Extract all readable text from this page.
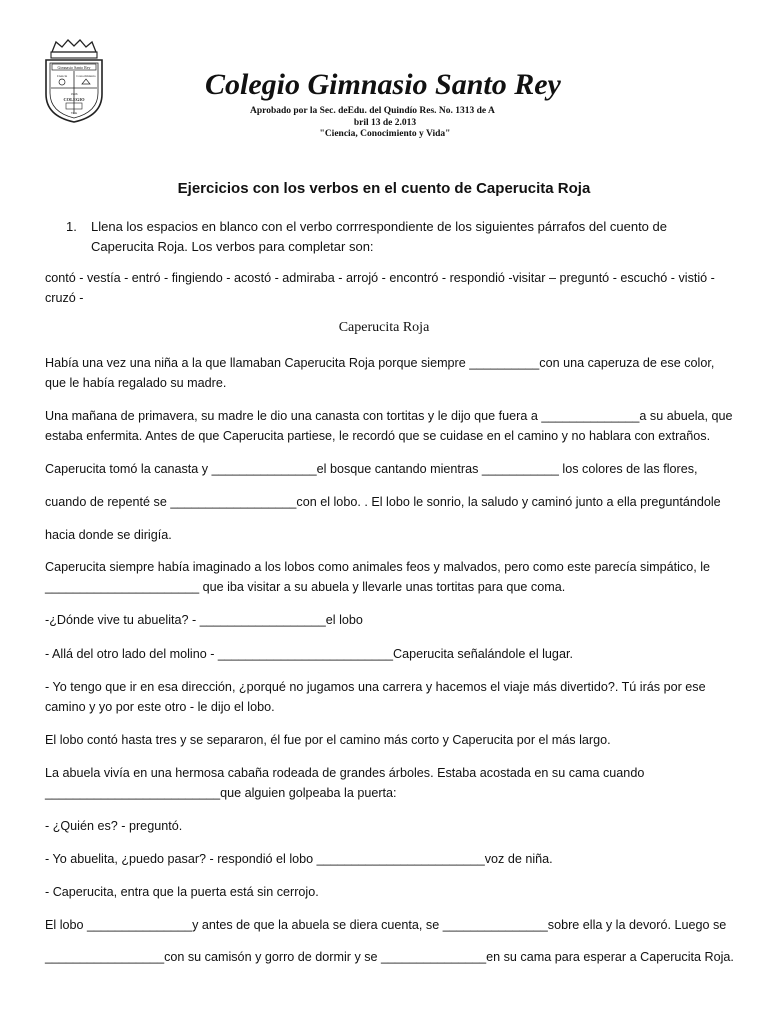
Gimnasio Santo Rey
Ciencia	Conocimiento
1996
COLEGIO
Vida
Colegio Gimnasio Santo Rey
Aprobado por la Sec. deEdu. del Quindío Res. No. 1313 de A
bril 13 de 2.013
"Ciencia, Conocimiento y Vida"
Ejercicios con los verbos en el cuento de Caperucita Roja
1. Llena los espacios en blanco con el verbo corrrespondiente de los siguientes párrafos del cuento de Caperucita Roja. Los verbos para completar son:
contó - vestía - entró - fingiendo - acostó - admiraba - arrojó - encontró - respondió -visitar – preguntó - escuchó - vistió - cruzó -
Caperucita Roja
Había una vez una niña a la que llamaban Caperucita Roja porque siempre __________con una caperuza de ese color, que le había regalado su madre.
Una mañana de primavera, su madre le dio una canasta con tortitas y le dijo que fuera a ______________a su abuela, que estaba enfermita. Antes de que Caperucita partiese, le recordó que se cuidase en el camino y no hablara con extraños.
Caperucita tomó la canasta y _______________el bosque cantando mientras ___________ los colores de las flores,
cuando de repenté se __________________con el lobo. . El lobo le sonrio, la saludo y caminó junto a ella preguntándole
hacia donde se dirigía.
Caperucita siempre había imaginado a los lobos como animales feos y malvados, pero como este parecía simpático, le ______________________ que iba visitar a su abuela y llevarle unas tortitas para que coma.
-¿Dónde vive tu abuelita? - __________________el lobo
- Allá del otro lado del molino - _________________________Caperucita señalándole el lugar.
- Yo tengo que ir en esa dirección, ¿porqué no jugamos una carrera y hacemos el viaje más divertido?. Tú irás por ese camino y yo por este otro - le dijo el lobo.
El lobo contó hasta tres y se separaron, él fue por el camino más corto y Caperucita por el más largo.
La abuela vivía en una hermosa cabaña rodeada de grandes árboles. Estaba acostada en su cama cuando _________________________que alguien golpeaba la puerta:
- ¿Quién es? - preguntó.
- Yo abuelita, ¿puedo pasar? - respondió el lobo ________________________voz de niña.
- Caperucita, entra que la puerta está sin cerrojo.
El lobo _______________y antes de que la abuela se diera cuenta, se _______________sobre ella y la devoró. Luego se
_________________con su camisón y gorro de dormir y se _______________en su cama para esperar a Caperucita Roja.
